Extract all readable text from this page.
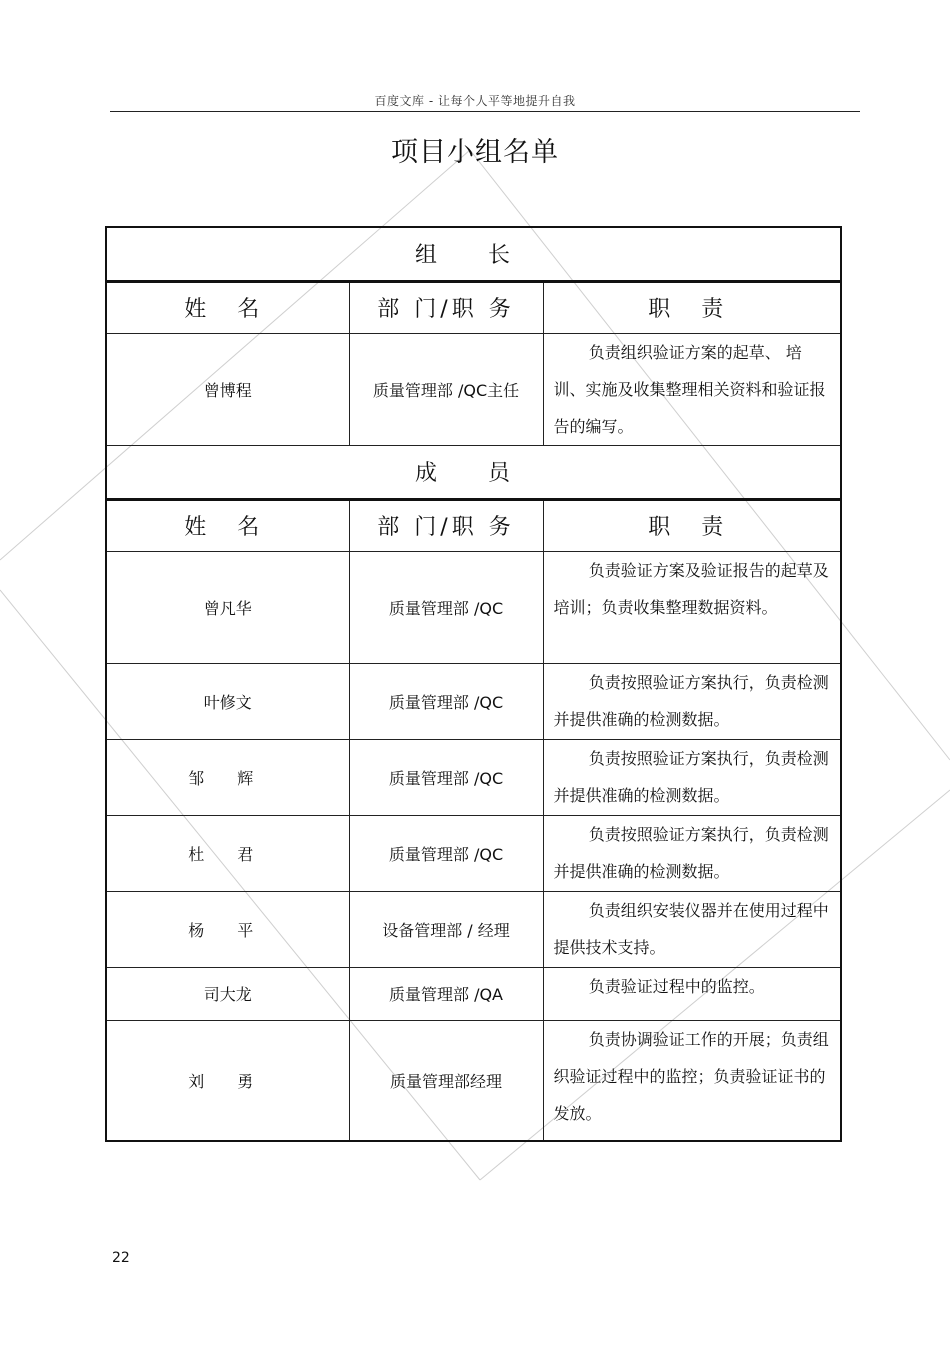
百度文库 - 让每个人平等地提升自我
项目小组名单
组 长		
姓 名	部 门/职 务	职 责
曾博程	质量管理部 /QC主任	负责组织验证方案的起草、 培训、实施及收集整理相关资料和验证报告的编写。
成 员		
姓 名	部 门/职 务	职 责
曾凡华	质量管理部 /QC	负责验证方案及验证报告的起草及培训；负责收集整理数据资料。
叶修文	质量管理部 /QC	负责按照验证方案执行，负责检测并提供准确的检测数据。
邹 辉	质量管理部 /QC	负责按照验证方案执行，负责检测并提供准确的检测数据。
杜 君	质量管理部 /QC	负责按照验证方案执行，负责检测并提供准确的检测数据。
杨 平	设备管理部 / 经理	负责组织安装仪器并在使用过程中提供技术支持。
司大龙	质量管理部 /QA	负责验证过程中的监控。
刘 勇	质量管理部经理	负责协调验证工作的开展；负责组织验证过程中的监控；负责验证证书的发放。
22
